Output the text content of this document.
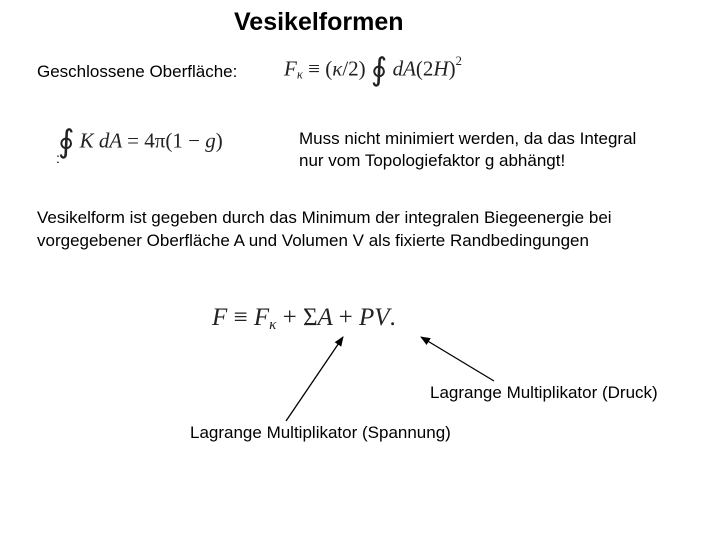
Vesikelformen
Geschlossene Oberfläche: $F_\kappa \equiv (\kappa/2)$ ∮ $dA(2H)^2$
∮ K dA = 4π(1 − g)
:
Muss nicht minimiert werden, da das Integral
nur vom Topologiefaktor g abhängt!
Vesikelform ist gegeben durch das Minimum der integralen Biegeenergie bei
vorgegebener Oberfläche A und Volumen V als fixierte Randbedingungen
$F \equiv F_\kappa + \Sigma A$ + PV.
Lagrange Multiplikator (Druck)
Lagrange Multiplikator (Spannung)
